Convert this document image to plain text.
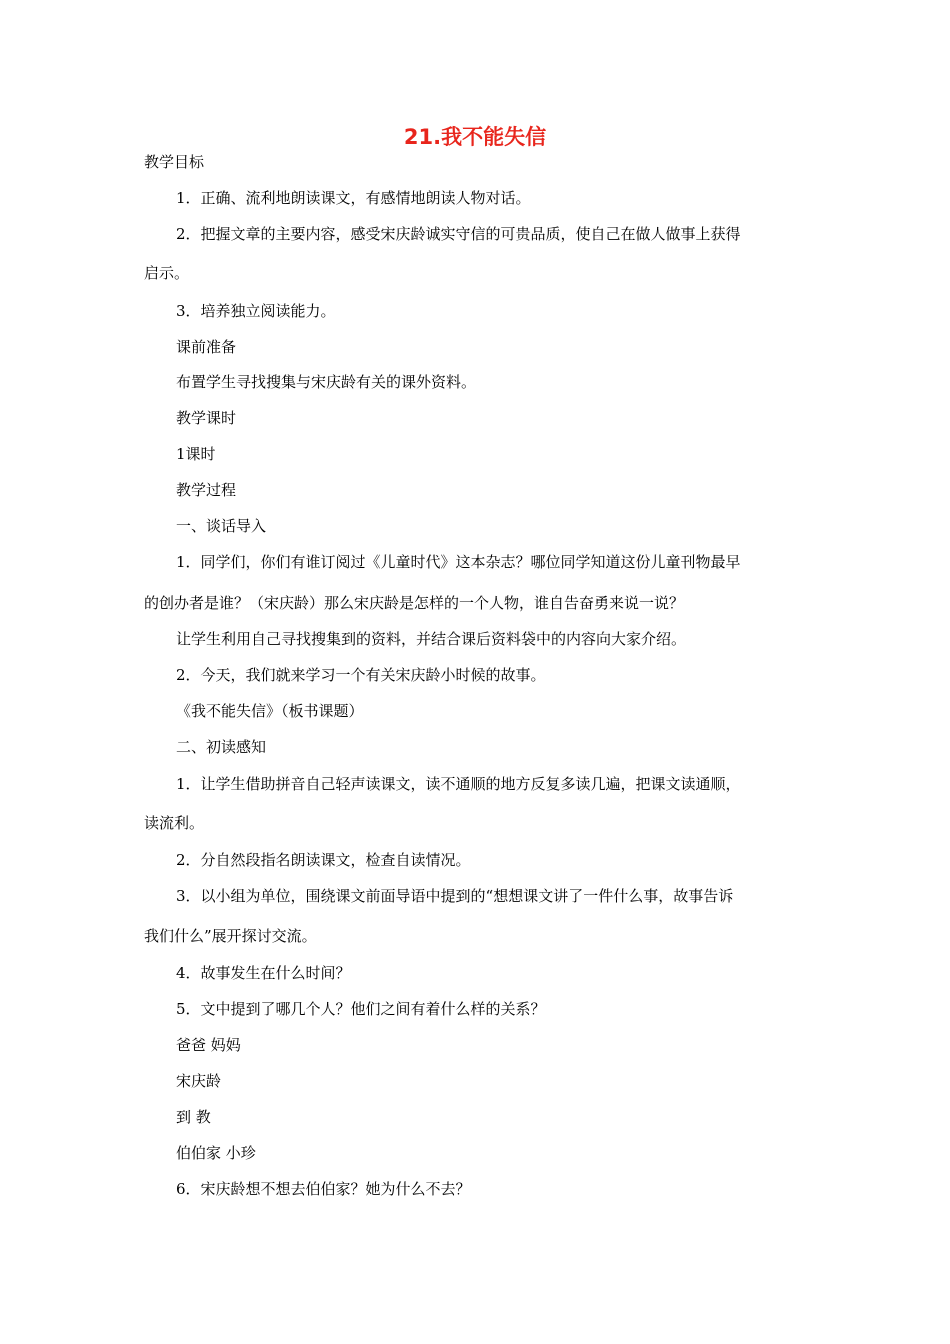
21.我不能失信

教学目标

1．正确、流利地朗读课文，有感情地朗读人物对话。

2．把握文章的主要内容，感受宋庆龄诚实守信的可贵品质，使自己在做人做事上获得

启示。

3．培养独立阅读能力。

课前准备

布置学生寻找搜集与宋庆龄有关的课外资料。

教学课时

1课时

教学过程

一、谈话导入

1．同学们，你们有谁订阅过《儿童时代》这本杂志？哪位同学知道这份儿童刊物最早

的创办者是谁？（宋庆龄）那么宋庆龄是怎样的一个人物，谁自告奋勇来说一说？

让学生利用自己寻找搜集到的资料，并结合课后资料袋中的内容向大家介绍。

2．今天，我们就来学习一个有关宋庆龄小时候的故事。

《我不能失信》（板书课题）

二、初读感知

1．让学生借助拼音自己轻声读课文，读不通顺的地方反复多读几遍，把课文读通顺，

读流利。

2．分自然段指名朗读课文，检查自读情况。

3．以小组为单位，围绕课文前面导语中提到的“想想课文讲了一件什么事，故事告诉

我们什么”展开探讨交流。

4．故事发生在什么时间？

5．文中提到了哪几个人？他们之间有着什么样的关系？

爸爸 妈妈

宋庆龄

到 教

伯伯家 小珍

6．宋庆龄想不想去伯伯家？她为什么不去？
